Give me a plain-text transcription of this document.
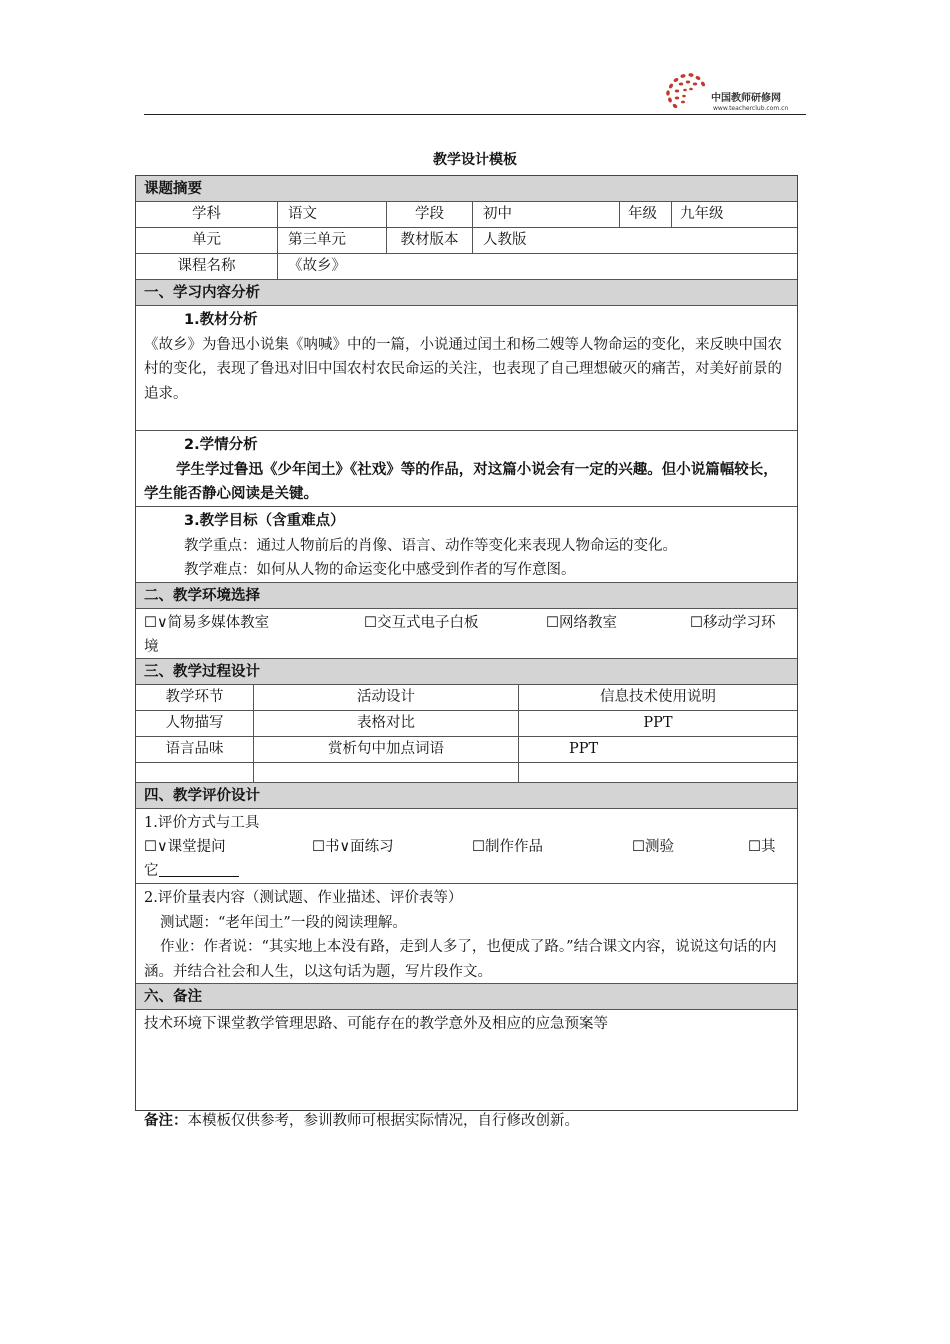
中国教师研修网
www.teacherclub.com.cn
教学设计模板
课题摘要
学科	语文	学段	初中	年级	九年级
单元	第三单元	教材版本	人教版
课程名称	《故乡》
一、学习内容分析
1.教材分析
《故乡》为鲁迅小说集《呐喊》中的一篇，小说通过闰土和杨二嫂等人物命运的变化，来反映中国农村的变化，表现了鲁迅对旧中国农村农民命运的关注，也表现了自己理想破灭的痛苦，对美好前景的追求。
2.学情分析
学生学过鲁迅《少年闰土》《社戏》等的作品，对这篇小说会有一定的兴趣。但小说篇幅较长，学生能否静心阅读是关键。
3.教学目标（含重难点）
教学重点：通过人物前后的肖像、语言、动作等变化来表现人物命运的变化。
教学难点：如何从人物的命运变化中感受到作者的写作意图。
二、教学环境选择
☐∨简易多媒体教室	☐交互式电子白板	☐网络教室	☐移动学习环
境
三、教学过程设计
教学环节	活动设计	信息技术使用说明
人物描写	表格对比	PPT
语言品味	赏析句中加点词语	PPT
四、教学评价设计
1.评价方式与工具
☐∨课堂提问	☐书∨面练习	☐制作作品	☐测验	☐其
它
2.评价量表内容（测试题、作业描述、评价表等）
测试题：“老年闰土”一段的阅读理解。
作业：作者说：“其实地上本没有路，走到人多了，也便成了路。”结合课文内容，说说这句话的内涵。并结合社会和人生，以这句话为题，写片段作文。
六、备注
技术环境下课堂教学管理思路、可能存在的教学意外及相应的应急预案等
备注：本模板仅供参考，参训教师可根据实际情况，自行修改创新。
